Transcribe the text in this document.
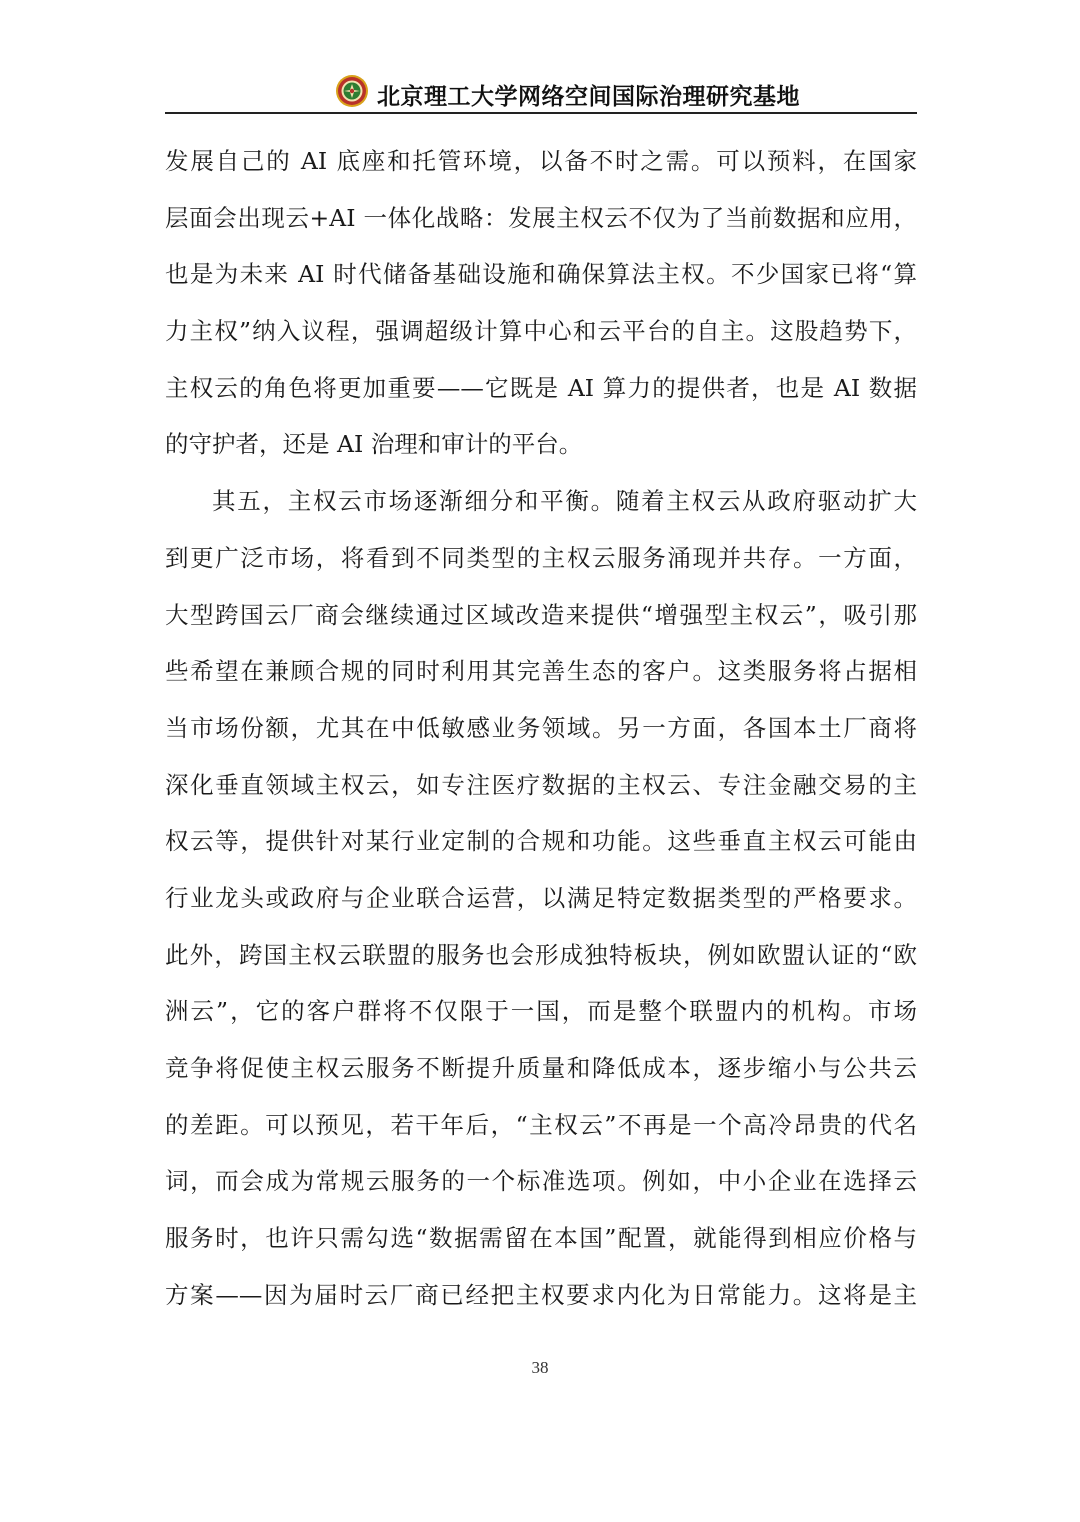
北京理工大学网络空间国际治理研究基地
发展自己的 AI 底座和托管环境，以备不时之需。可以预料，在国家
层面会出现云+AI 一体化战略：发展主权云不仅为了当前数据和应用，
也是为未来 AI 时代储备基础设施和确保算法主权。不少国家已将“算
力主权”纳入议程，强调超级计算中心和云平台的自主。这股趋势下，
主权云的角色将更加重要——它既是 AI 算力的提供者，也是 AI 数据
的守护者，还是 AI 治理和审计的平台。
其五，主权云市场逐渐细分和平衡。随着主权云从政府驱动扩大
到更广泛市场，将看到不同类型的主权云服务涌现并共存。一方面，
大型跨国云厂商会继续通过区域改造来提供“增强型主权云”，吸引那
些希望在兼顾合规的同时利用其完善生态的客户。这类服务将占据相
当市场份额，尤其在中低敏感业务领域。另一方面，各国本土厂商将
深化垂直领域主权云，如专注医疗数据的主权云、专注金融交易的主
权云等，提供针对某行业定制的合规和功能。这些垂直主权云可能由
行业龙头或政府与企业联合运营，以满足特定数据类型的严格要求。
此外，跨国主权云联盟的服务也会形成独特板块，例如欧盟认证的“欧
洲云”，它的客户群将不仅限于一国，而是整个联盟内的机构。市场
竞争将促使主权云服务不断提升质量和降低成本，逐步缩小与公共云
的差距。可以预见，若干年后，“主权云”不再是一个高冷昂贵的代名
词，而会成为常规云服务的一个标准选项。例如，中小企业在选择云
服务时，也许只需勾选“数据需留在本国”配置，就能得到相应价格与
方案——因为届时云厂商已经把主权要求内化为日常能力。这将是主
38
